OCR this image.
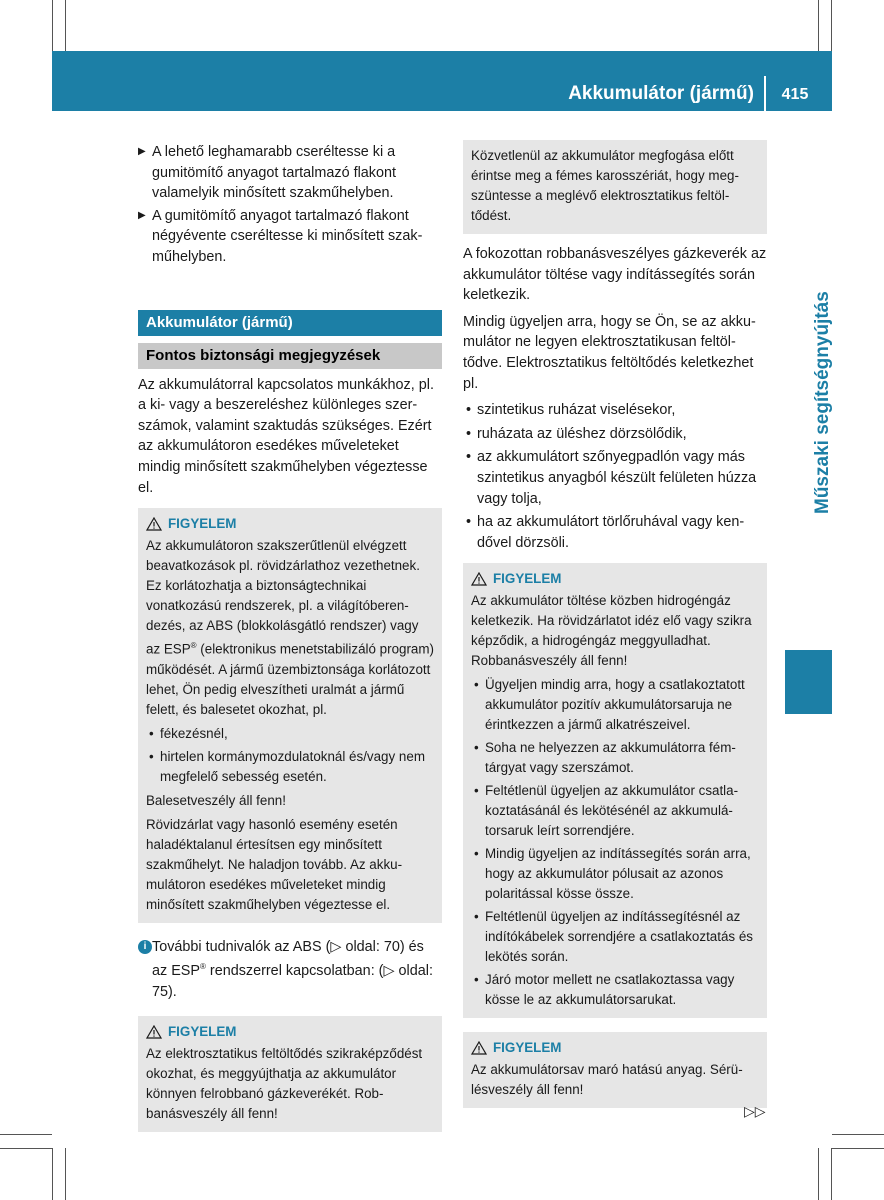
Akkumulátor (jármű)	415
Műszaki segítségnyújtás
▶ A lehető leghamarabb cseréltesse ki a gumitömítő anyagot tartalmazó flakont valamelyik minősített szakműhelyben.
▶ A gumitömítő anyagot tartalmazó flakont négyévente cseréltesse ki minősített szakműhelyben.
Akkumulátor (jármű)
Fontos biztonsági megjegyzések

Az akkumulátorral kapcsolatos munkákhoz, pl. a ki- vagy a beszereléshez különleges szerszámok, valamint szaktudás szükséges. Ezért az akkumulátoron esedékes műveleteket mindig minősített szakműhelyben végeztesse el.

FIGYELEM

Az akkumulátoron szakszerűtlenül elvégzett beavatkozások pl. rövidzárlathoz vezethetnek. Ez korlátozhatja a biztonságtechnikai vonatkozású rendszerek, pl. a világítóberendezés, az ABS (blokkolásgátló rendszer) vagy az ESP® (elektronikus menetstabilizáló program) működését. A jármű üzembiztonsága korlátozott lehet, Ön pedig elveszítheti uralmát a jármű felett, és balesetet okozhat, pl.

• fékezésnél,
• hirtelen kormánymozdulatoknál és/vagy nem megfelelő sebesség esetén.

Balesetveszély áll fenn!

Rövidzárlat vagy hasonló esemény esetén haladéktalanul értesítsen egy minősített szakműhelyt. Ne haladjon tovább. Az akkumulátoron esedékes műveleteket mindig minősített szakműhelyben végeztesse el.

i További tudnivalók az ABS (▷ oldal: 70) és az ESP® rendszerrel kapcsolatban: (▷ oldal: 75).
FIGYELEM

Az elektrosztatikus feltöltődés szikraképződést okozhat, és meggyújthatja az akkumulátor könnyen felrobbanó gázkeverékét. Robbanásveszély áll fenn!

Közvetlenül az akkumulátor megfogása előtt érintse meg a fémes karosszériát, hogy megszüntesse a meglévő elektrosztatikus feltöltődést.

A fokozottan robbanásveszélyes gázkeverék az akkumulátor töltése vagy indítássegítés során keletkezik.

Mindig ügyeljen arra, hogy se Ön, se az akkumulátor ne legyen elektrosztatikusan feltöltődve. Elektrosztatikus feltöltődés keletkezhet pl.

• szintetikus ruházat viselésekor,
• ruházata az üléshez dörzsölődik,
• az akkumulátort szőnyegpadlón vagy más szintetikus anyagból készült felületen húzza vagy tolja,
• ha az akkumulátort törlőruhával vagy kendővel dörzsöli.
FIGYELEM

Az akkumulátor töltése közben hidrogéngáz keletkezik. Ha rövidzárlatot idéz elő vagy szikra képződik, a hidrogéngáz meggyulladhat. Robbanásveszély áll fenn!

• Ügyeljen mindig arra, hogy a csatlakoztatott akkumulátor pozitív akkumulátorsaruja ne érintkezzen a jármű alkatrészeivel.
• Soha ne helyezzen az akkumulátorra fémtárgyat vagy szerszámot.
• Feltétlenül ügyeljen az akkumulátor csatlakoztatásánál és lekötésénél az akkumulátorsaruk leírt sorrendjére.
• Mindig ügyeljen az indítássegítés során arra, hogy az akkumulátor pólusait az azonos polaritással kösse össze.
• Feltétlenül ügyeljen az indítássegítésnél az indítókábelek sorrendjére a csatlakoztatás és lekötés során.
• Járó motor mellett ne csatlakoztassa vagy kösse le az akkumulátorsarukat.
FIGYELEM

Az akkumulátorsav maró hatású anyag. Sérülésveszély áll fenn!

▷▷
